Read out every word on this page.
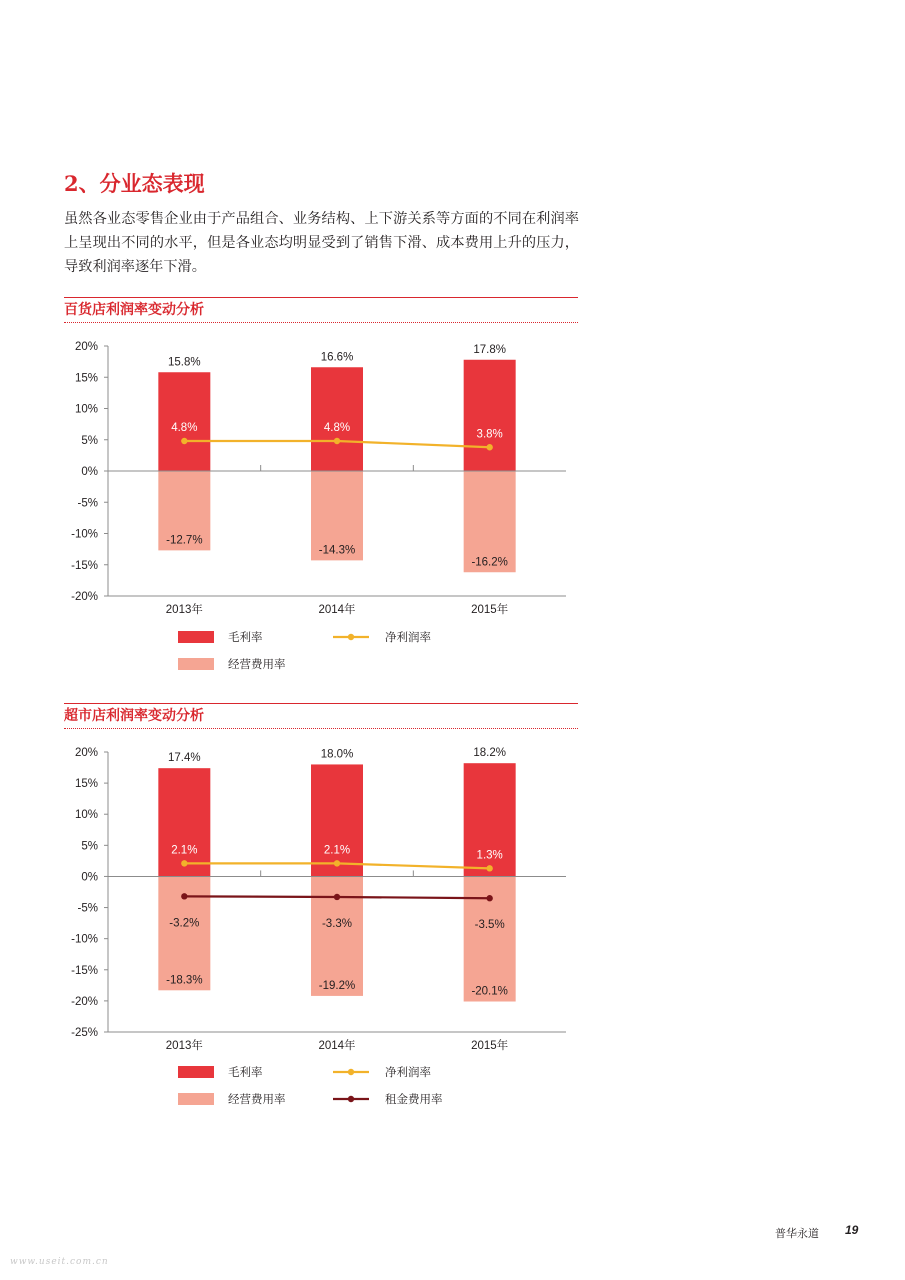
2、分业态表现

虽然各业态零售企业由于产品组合、业务结构、上下游关系等方面的不同在利润率上呈现出不同的水平，但是各业态均明显受到了销售下滑、成本费用上升的压力，导致利润率逐年下滑。

百货店利润率变动分析
20%
15%
10%
5%
0%
-5%
-10%
-15%
-20%
15.8%	16.6%
17.8%
-12.7%
-14.3%
-16.2%
4.8%	4.8%
3.8%
2013年	2014年	2015年
毛利率	净利润率
经营费用率
超市店利润率变动分析
20%
15%
10%
5%
0%
-5%
-10%
-15%
-20%
-25%
17.4%	18.0%	18.2%
-18.3%	-19.2%	-20.1%
2.1%	2.1%	1.3%
-3.2%	-3.3%	-3.5%
2013年	2014年	2015年
毛利率	净利润率
经营费用率	租金费用率
普华永道 19
www.useit.com.cn
